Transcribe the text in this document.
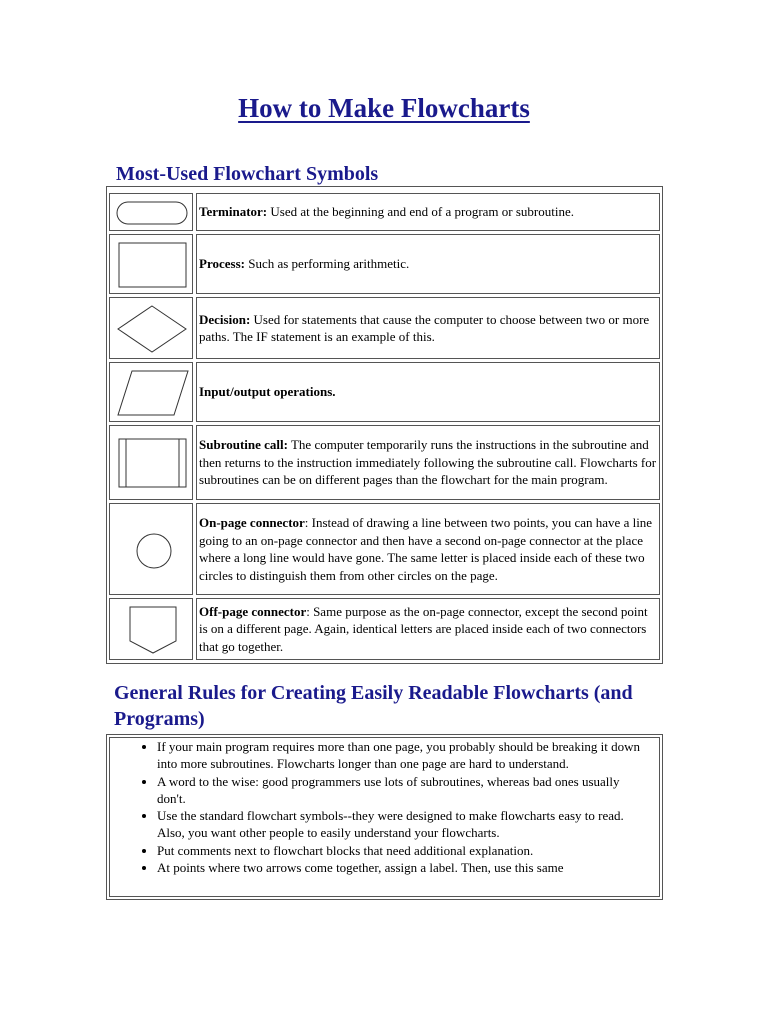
How to Make Flowcharts
Most-Used Flowchart Symbols
Terminator: Used at the beginning and end of a program or subroutine.
Process: Such as performing arithmetic.
Decision: Used for statements that cause the computer to choose between two or more paths. The IF statement is an example of this.
Input/output operations.
Subroutine call: The computer temporarily runs the instructions in the subroutine and then returns to the instruction immediately following the subroutine call. Flowcharts for subroutines can be on different pages than the flowchart for the main program.
On-page connector: Instead of drawing a line between two points, you can have a line going to an on-page connector and then have a second on-page connector at the place where a long line would have gone. The same letter is placed inside each of these two circles to distinguish them from other circles on the page.
Off-page connector: Same purpose as the on-page connector, except the second point is on a different page. Again, identical letters are placed inside each of two connectors that go together.
General Rules for Creating Easily Readable Flowcharts (and Programs)
• If your main program requires more than one page, you probably should be breaking it down into more subroutines. Flowcharts longer than one page are hard to understand.
• A word to the wise: good programmers use lots of subroutines, whereas bad ones usually don't.
• Use the standard flowchart symbols--they were designed to make flowcharts easy to read. Also, you want other people to easily understand your flowcharts.
• Put comments next to flowchart blocks that need additional explanation.
• At points where two arrows come together, assign a label. Then, use this same
